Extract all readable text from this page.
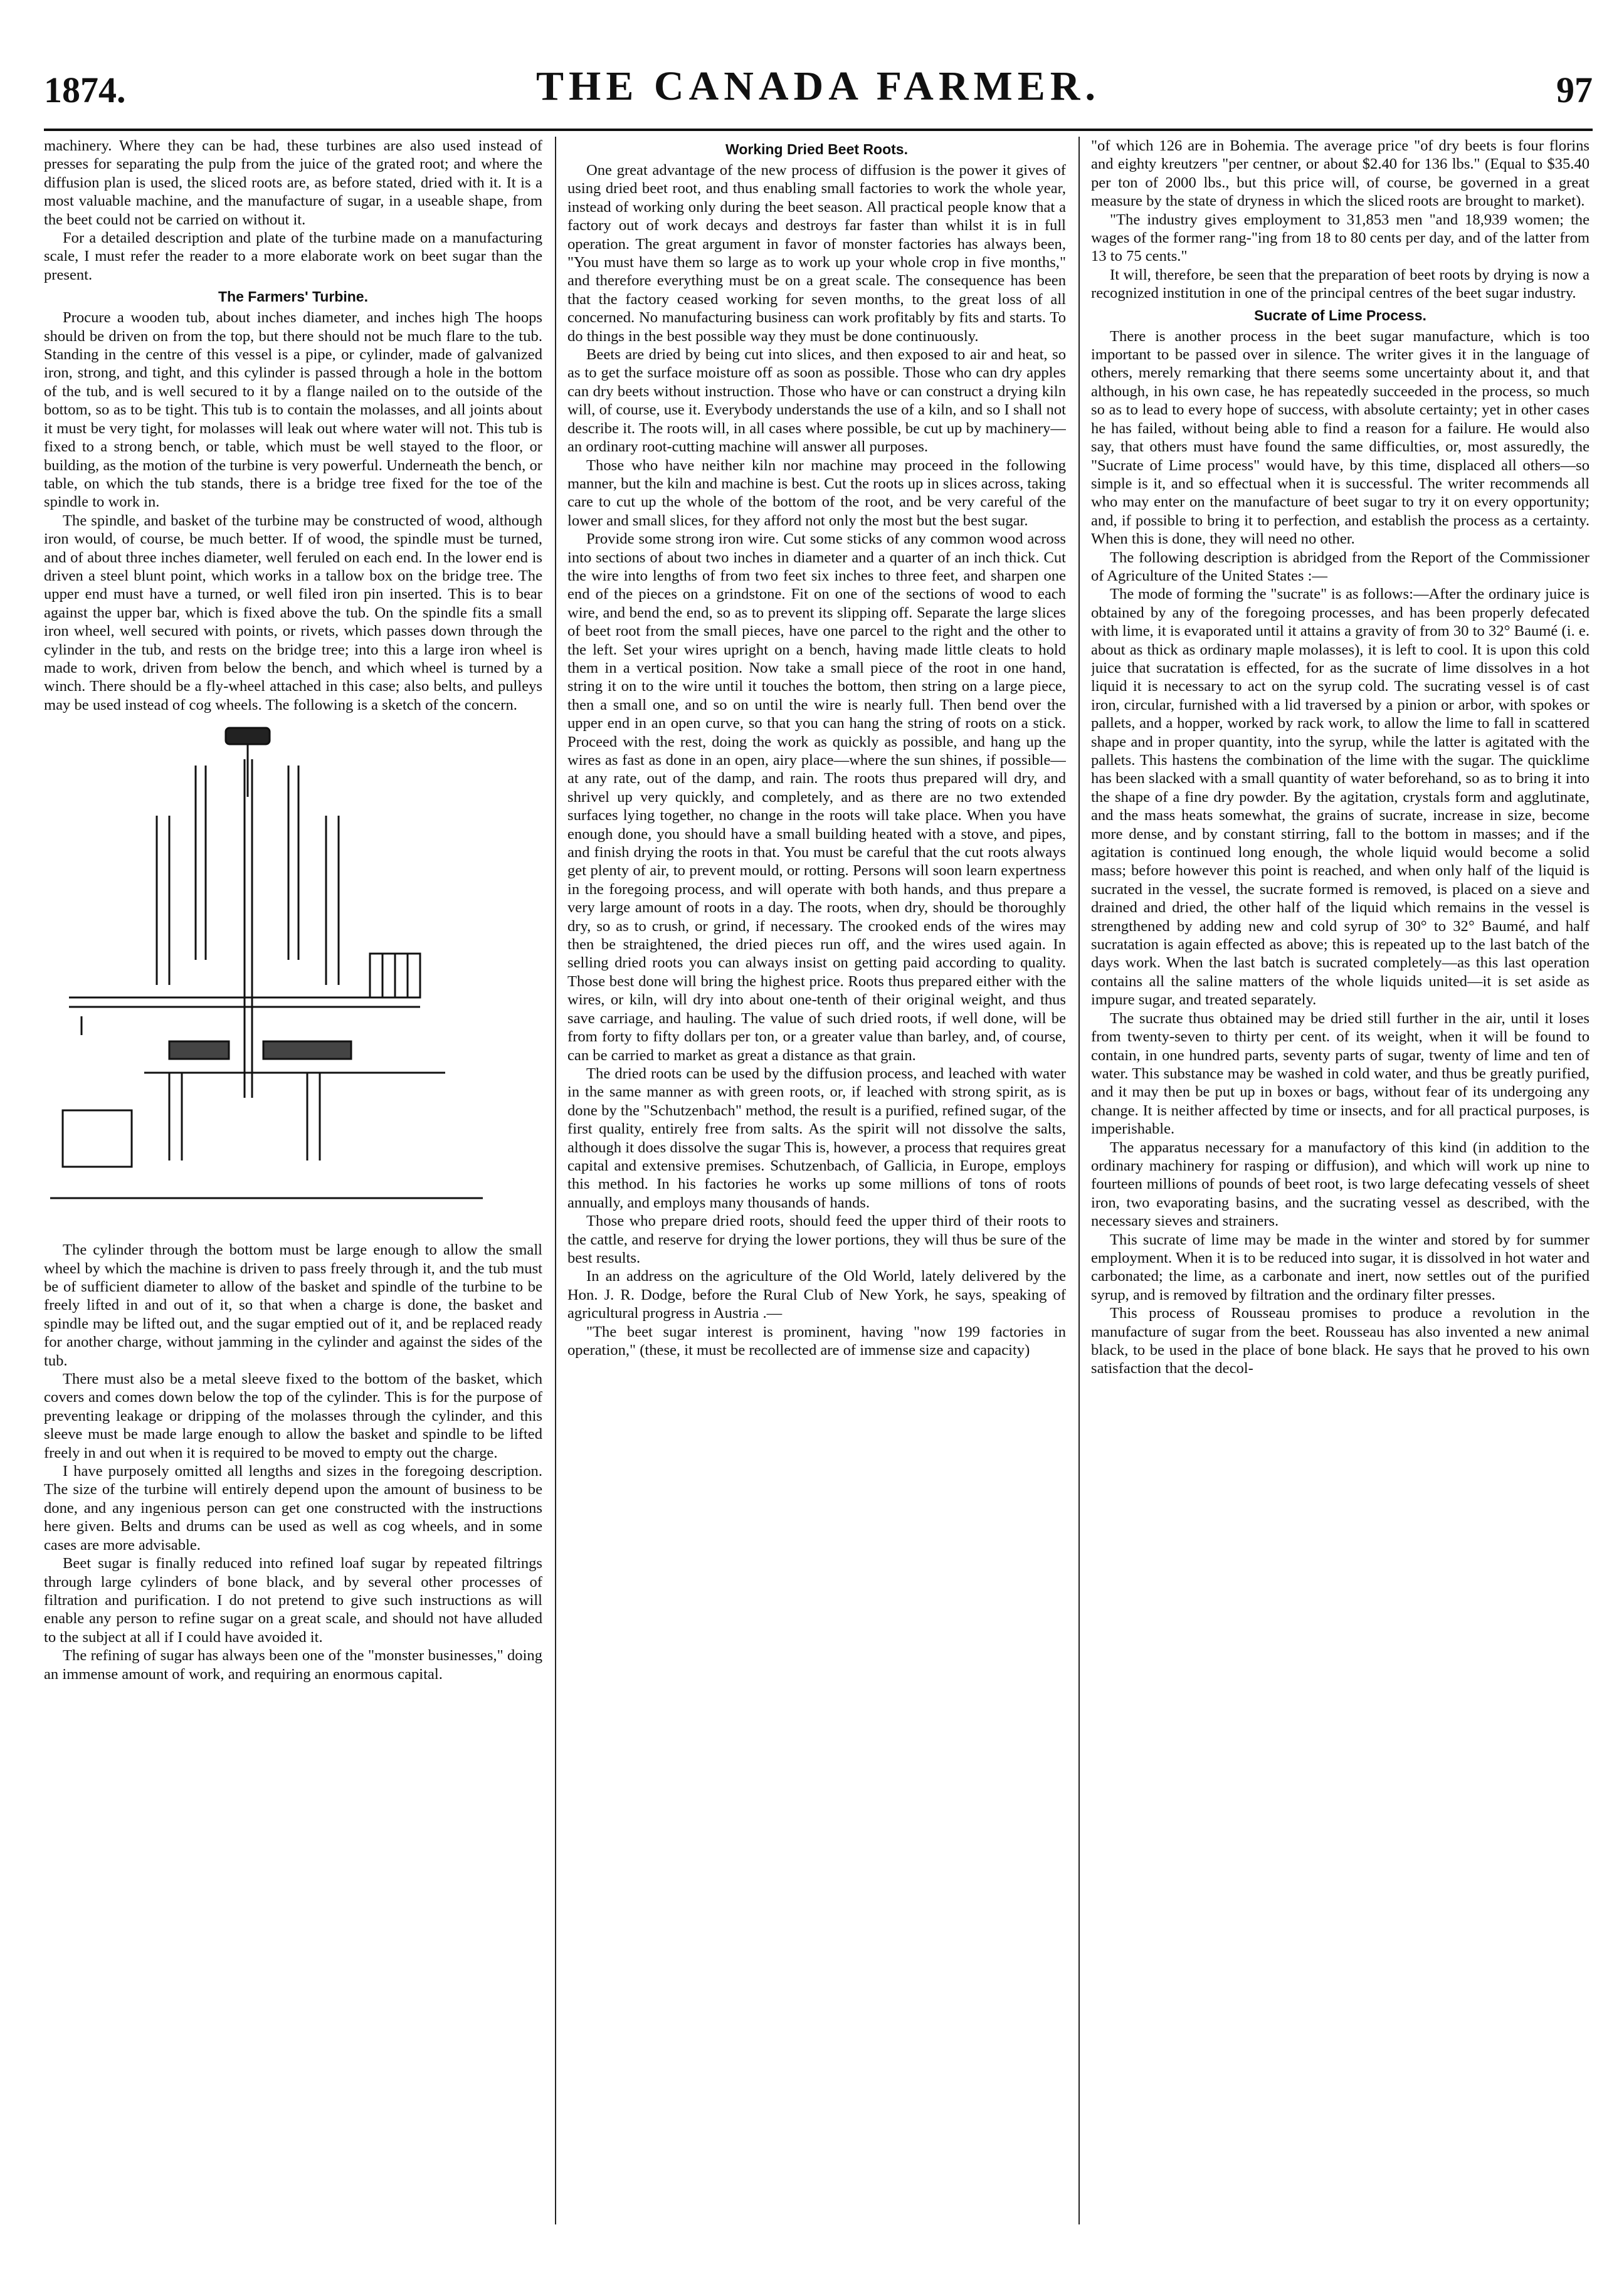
1874.	THE CANADA FARMER.	97

machinery. Where they can be had, these turbines are also used instead of presses for separating the pulp from the juice of the grated root; and where the diffusion plan is used, the sliced roots are, as before stated, dried with it. It is a most valuable machine, and the manufacture of sugar, in a useable shape, from the beet could not be carried on without it.

For a detailed description and plate of the turbine made on a manufacturing scale, I must refer the reader to a more elaborate work on beet sugar than the present.

The Farmers' Turbine.

Procure a wooden tub, about inches diameter, and inches high The hoops should be driven on from the top, but there should not be much flare to the tub. Standing in the centre of this vessel is a pipe, or cylinder, made of galvanized iron, strong, and tight, and this cylinder is passed through a hole in the bottom of the tub, and is well secured to it by a flange nailed on to the outside of the bottom, so as to be tight. This tub is to contain the molasses, and all joints about it must be very tight, for molasses will leak out where water will not. This tub is fixed to a strong bench, or table, which must be well stayed to the floor, or building, as the motion of the turbine is very powerful. Underneath the bench, or table, on which the tub stands, there is a bridge tree fixed for the toe of the spindle to work in.

The spindle, and basket of the turbine may be constructed of wood, although iron would, of course, be much better. If of wood, the spindle must be turned, and of about three inches diameter, well feruled on each end. In the lower end is driven a steel blunt point, which works in a tallow box on the bridge tree. The upper end must have a turned, or well filed iron pin inserted. This is to bear against the upper bar, which is fixed above the tub. On the spindle fits a small iron wheel, well secured with points, or rivets, which passes down through the cylinder in the tub, and rests on the bridge tree; into this a large iron wheel is made to work, driven from below the bench, and which wheel is turned by a winch. There should be a fly-wheel attached in this case; also belts, and pulleys may be used instead of cog wheels. The following is a sketch of the concern.

The cylinder through the bottom must be large enough to allow the small wheel by which the machine is driven to pass freely through it, and the tub must be of sufficient diameter to allow of the basket and spindle of the turbine to be freely lifted in and out of it, so that when a charge is done, the basket and spindle may be lifted out, and the sugar emptied out of it, and be replaced ready for another charge, without jamming in the cylinder and against the sides of the tub.

There must also be a metal sleeve fixed to the bottom of the basket, which covers and comes down below the top of the cylinder. This is for the purpose of preventing leakage or dripping of the molasses through the cylinder, and this sleeve must be made large enough to allow the basket and spindle to be lifted freely in and out when it is required to be moved to empty out the charge.

I have purposely omitted all lengths and sizes in the foregoing description. The size of the turbine will entirely depend upon the amount of business to be done, and any ingenious person can get one constructed with the instructions here given. Belts and drums can be used as well as cog wheels, and in some cases are more advisable.

Beet sugar is finally reduced into refined loaf sugar by repeated filtrings through large cylinders of bone black, and by several other processes of filtration and purification. I do not pretend to give such instructions as will enable any person to refine sugar on a great scale, and should not have alluded to the subject at all if I could have avoided it.

The refining of sugar has always been one of the "monster businesses," doing an immense amount of work, and requiring an enormous capital.

Working Dried Beet Roots.

One great advantage of the new process of diffusion is the power it gives of using dried beet root, and thus enabling small factories to work the whole year, instead of working only during the beet season. All practical people know that a factory out of work decays and destroys far faster than whilst it is in full operation. The great argument in favor of monster factories has always been, "You must have them so large as to work up your whole crop in five months," and therefore everything must be on a great scale. The consequence has been that the factory ceased working for seven months, to the great loss of all concerned. No manufacturing business can work profitably by fits and starts. To do things in the best possible way they must be done continuously.

Beets are dried by being cut into slices, and then exposed to air and heat, so as to get the surface moisture off as soon as possible. Those who can dry apples can dry beets without instruction. Those who have or can construct a drying kiln will, of course, use it. Everybody understands the use of a kiln, and so I shall not describe it. The roots will, in all cases where possible, be cut up by machinery—an ordinary root-cutting machine will answer all purposes.

Those who have neither kiln nor machine may proceed in the following manner, but the kiln and machine is best. Cut the roots up in slices across, taking care to cut up the whole of the bottom of the root, and be very careful of the lower and small slices, for they afford not only the most but the best sugar.

Provide some strong iron wire. Cut some sticks of any common wood across into sections of about two inches in diameter and a quarter of an inch thick. Cut the wire into lengths of from two feet six inches to three feet, and sharpen one end of the pieces on a grindstone. Fit on one of the sections of wood to each wire, and bend the end, so as to prevent its slipping off. Separate the large slices of beet root from the small pieces, have one parcel to the right and the other to the left. Set your wires upright on a bench, having made little cleats to hold them in a vertical position. Now take a small piece of the root in one hand, string it on to the wire until it touches the bottom, then string on a large piece, then a small one, and so on until the wire is nearly full. Then bend over the upper end in an open curve, so that you can hang the string of roots on a stick. Proceed with the rest, doing the work as quickly as possible, and hang up the wires as fast as done in an open, airy place—where the sun shines, if possible—at any rate, out of the damp, and rain. The roots thus prepared will dry, and shrivel up very quickly, and completely, and as there are no two extended surfaces lying together, no change in the roots will take place. When you have enough done, you should have a small building heated with a stove, and pipes, and finish drying the roots in that. You must be careful that the cut roots always get plenty of air, to prevent mould, or rotting. Persons will soon learn expertness in the foregoing process, and will operate with both hands, and thus prepare a very large amount of roots in a day. The roots, when dry, should be thoroughly dry, so as to crush, or grind, if necessary. The crooked ends of the wires may then be straightened, the dried pieces run off, and the wires used again. In selling dried roots you can always insist on getting paid according to quality. Those best done will bring the highest price. Roots thus prepared either with the wires, or kiln, will dry into about one-tenth of their original weight, and thus save carriage, and hauling. The value of such dried roots, if well done, will be from forty to fifty dollars per ton, or a greater value than barley, and, of course, can be carried to market as great a distance as that grain.

The dried roots can be used by the diffusion process, and leached with water in the same manner as with green roots, or, if leached with strong spirit, as is done by the "Schutzenbach" method, the result is a purified, refined sugar, of the first quality, entirely free from salts. As the spirit will not dissolve the salts, although it does dissolve the sugar This is, however, a process that requires great capital and extensive premises. Schutzenbach, of Gallicia, in Europe, employs this method. In his factories he works up some millions of tons of roots annually, and employs many thousands of hands.

Those who prepare dried roots, should feed the upper third of their roots to the cattle, and reserve for drying the lower portions, they will thus be sure of the best results.

In an address on the agriculture of the Old World, lately delivered by the Hon. J. R. Dodge, before the Rural Club of New York, he says, speaking of agricultural progress in Austria .—

"The beet sugar interest is prominent, having "now 199 factories in operation," (these, it must be recollected are of immense size and capacity)

"of which 126 are in Bohemia. The average price "of dry beets is four florins and eighty kreutzers "per centner, or about $2.40 for 136 lbs." (Equal to $35.40 per ton of 2000 lbs., but this price will, of course, be governed in a great measure by the state of dryness in which the sliced roots are brought to market).

"The industry gives employment to 31,853 men "and 18,939 women; the wages of the former rang-"ing from 18 to 80 cents per day, and of the latter from 13 to 75 cents."

It will, therefore, be seen that the preparation of beet roots by drying is now a recognized institution in one of the principal centres of the beet sugar industry.

Sucrate of Lime Process.

There is another process in the beet sugar manufacture, which is too important to be passed over in silence. The writer gives it in the language of others, merely remarking that there seems some uncertainty about it, and that although, in his own case, he has repeatedly succeeded in the process, so much so as to lead to every hope of success, with absolute certainty; yet in other cases he has failed, without being able to find a reason for a failure. He would also say, that others must have found the same difficulties, or, most assuredly, the "Sucrate of Lime process" would have, by this time, displaced all others—so simple is it, and so effectual when it is successful. The writer recommends all who may enter on the manufacture of beet sugar to try it on every opportunity; and, if possible to bring it to perfection, and establish the process as a certainty. When this is done, they will need no other.

The following description is abridged from the Report of the Commissioner of Agriculture of the United States :—

The mode of forming the "sucrate" is as follows:—After the ordinary juice is obtained by any of the foregoing processes, and has been properly defecated with lime, it is evaporated until it attains a gravity of from 30 to 32° Baumé (i. e. about as thick as ordinary maple molasses), it is left to cool. It is upon this cold juice that sucratation is effected, for as the sucrate of lime dissolves in a hot liquid it is necessary to act on the syrup cold. The sucrating vessel is of cast iron, circular, furnished with a lid traversed by a pinion or arbor, with spokes or pallets, and a hopper, worked by rack work, to allow the lime to fall in scattered shape and in proper quantity, into the syrup, while the latter is agitated with the pallets. This hastens the combination of the lime with the sugar. The quicklime has been slacked with a small quantity of water beforehand, so as to bring it into the shape of a fine dry powder. By the agitation, crystals form and agglutinate, and the mass heats somewhat, the grains of sucrate, increase in size, become more dense, and by constant stirring, fall to the bottom in masses; and if the agitation is continued long enough, the whole liquid would become a solid mass; before however this point is reached, and when only half of the liquid is sucrated in the vessel, the sucrate formed is removed, is placed on a sieve and drained and dried, the other half of the liquid which remains in the vessel is strengthened by adding new and cold syrup of 30° to 32° Baumé, and half sucratation is again effected as above; this is repeated up to the last batch of the days work. When the last batch is sucrated completely—as this last operation contains all the saline matters of the whole liquids united—it is set aside as impure sugar, and treated separately.

The sucrate thus obtained may be dried still further in the air, until it loses from twenty-seven to thirty per cent. of its weight, when it will be found to contain, in one hundred parts, seventy parts of sugar, twenty of lime and ten of water. This substance may be washed in cold water, and thus be greatly purified, and it may then be put up in boxes or bags, without fear of its undergoing any change. It is neither affected by time or insects, and for all practical purposes, is imperishable.

The apparatus necessary for a manufactory of this kind (in addition to the ordinary machinery for rasping or diffusion), and which will work up nine to fourteen millions of pounds of beet root, is two large defecating vessels of sheet iron, two evaporating basins, and the sucrating vessel as described, with the necessary sieves and strainers.

This sucrate of lime may be made in the winter and stored by for summer employment. When it is to be reduced into sugar, it is dissolved in hot water and carbonated; the lime, as a carbonate and inert, now settles out of the purified syrup, and is removed by filtration and the ordinary filter presses.

This process of Rousseau promises to produce a revolution in the manufacture of sugar from the beet. Rousseau has also invented a new animal black, to be used in the place of bone black. He says that he proved to his own satisfaction that the decol-
